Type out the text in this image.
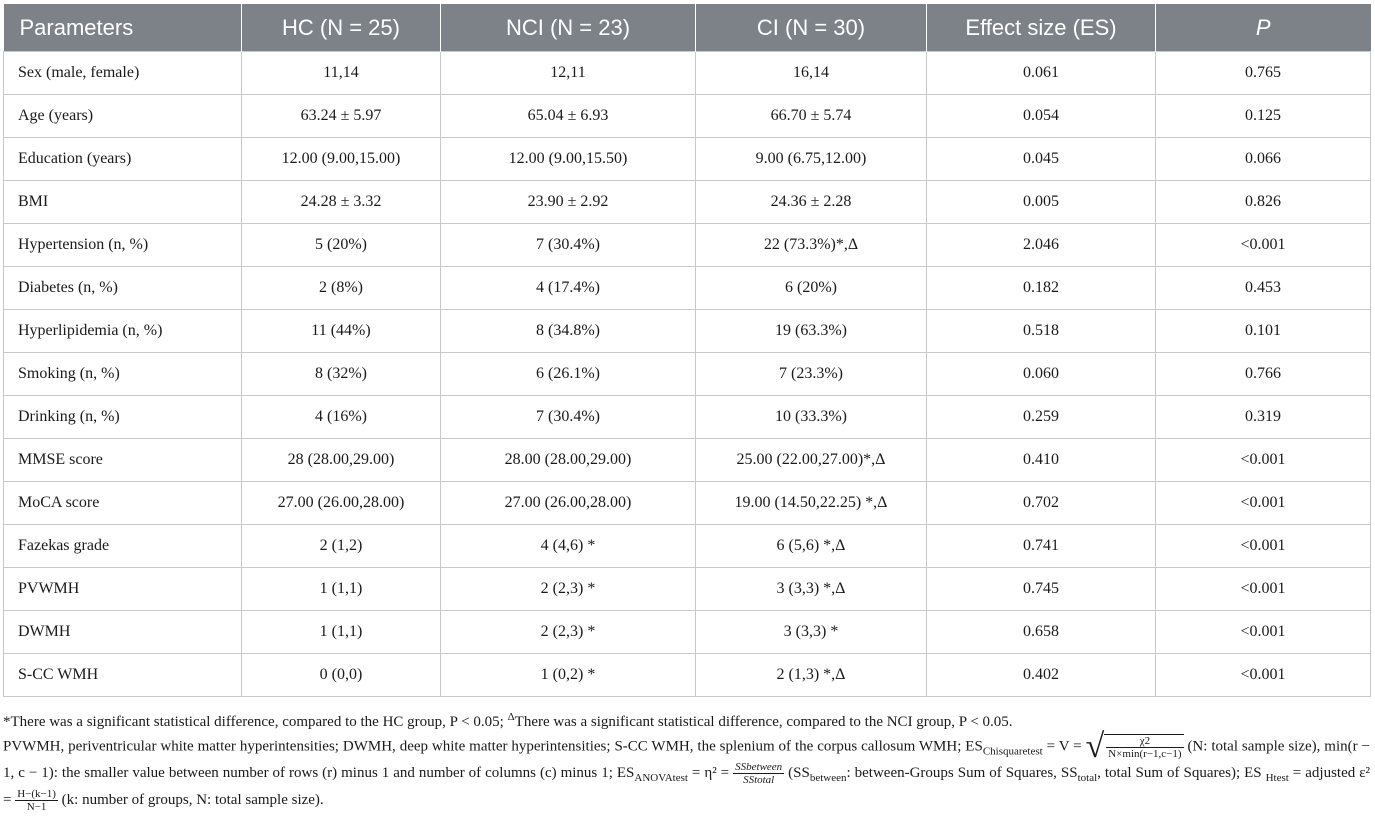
Parameters	HC (N = 25)	NCI (N = 23)	CI (N = 30)	Effect size (ES)	P
Sex (male, female)	11,14	12,11	16,14	0.061	0.765
Age (years)	63.24 ± 5.97	65.04 ± 6.93	66.70 ± 5.74	0.054	0.125
Education (years)	12.00 (9.00,15.00)	12.00 (9.00,15.50)	9.00 (6.75,12.00)	0.045	0.066
BMI	24.28 ± 3.32	23.90 ± 2.92	24.36 ± 2.28	0.005	0.826
Hypertension (n, %)	5 (20%)	7 (30.4%)	22 (73.3%)*,Δ	2.046	<0.001
Diabetes (n, %)	2 (8%)	4 (17.4%)	6 (20%)	0.182	0.453
Hyperlipidemia (n, %)	11 (44%)	8 (34.8%)	19 (63.3%)	0.518	0.101
Smoking (n, %)	8 (32%)	6 (26.1%)	7 (23.3%)	0.060	0.766
Drinking (n, %)	4 (16%)	7 (30.4%)	10 (33.3%)	0.259	0.319
MMSE score	28 (28.00,29.00)	28.00 (28.00,29.00)	25.00 (22.00,27.00)*,Δ	0.410	<0.001
MoCA score	27.00 (26.00,28.00)	27.00 (26.00,28.00)	19.00 (14.50,22.25) *,Δ	0.702	<0.001
Fazekas grade	2 (1,2)	4 (4,6) *	6 (5,6) *,Δ	0.741	<0.001
PVWMH	1 (1,1)	2 (2,3) *	3 (3,3) *,Δ	0.745	<0.001
DWMH	1 (1,1)	2 (2,3) *	3 (3,3) *	0.658	<0.001
S-CC WMH	0 (0,0)	1 (0,2) *	2 (1,3) *,Δ	0.402	<0.001
*There was a significant statistical difference, compared to the HC group, P < 0.05; $^\Delta$There was a significant statistical difference, compared to the NCI group, P < 0.05.
PVWMH, periventricular white matter hyperintensities; DWMH, deep white matter hyperintensities; S-CC WMH, the splenium of the corpus callosum WMH; $ES_{Chisquaretest} = V$ = √ $\frac{\chi 2}{N\times\min(r-1,c-1)} (N$: total sample size), min(r − 1, c − 1): the smaller value between number of rows (r) minus 1 and number of columns (c) minus 1; $ES_{ANOVAtest} = \eta^2 = \frac{\text{SSbetween}}{\text{SStotal}} (SS_{between}$: between-Groups Sum of Squares, $SS_{total}$, total Sum of Squares); ES $_{Htest}$ = adjusted $\varepsilon^2 = \frac{H-(k-1)}{N-1} (k$: number of groups, N: total sample size).
